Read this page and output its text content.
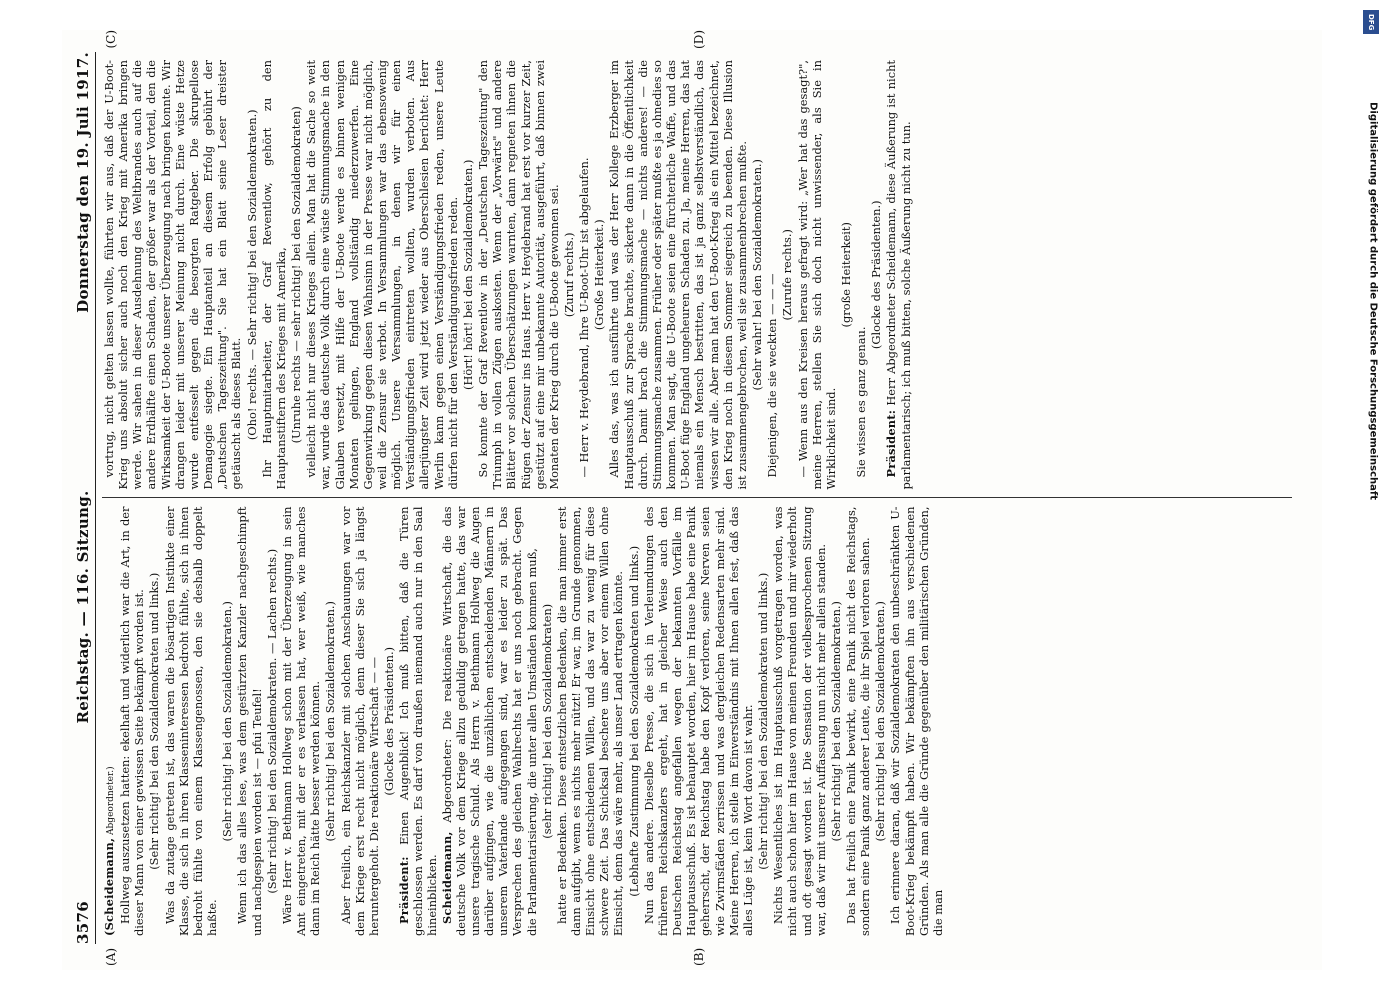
3576
Reichstag. — 116. Sitzung.
Donnerstag den 19. Juli 1917.

(Scheidemann, Abgeordneter.) Hollweg auszusetzen hatten: ekelhaft und widerlich war die Art, in der dieser Mann von einer gewissen Seite bekämpft worden ist. (Sehr richtig! bei den Sozialdemokraten und links.) Was da zutage getreten ist, das waren die bösartigen Instinkte einer Klasse, die sich in ihren Klasseninteressen bedroht fühlte, sich in ihnen bedroht fühlte von einem Klassengenossen, den sie deshalb doppelt haßte.

(Sehr richtig! bei den Sozialdemokraten.) Wenn ich das alles lese, was dem gestürzten Kanzler nachgeschimpft und nachgespien worden ist — pfui Teufel! (Sehr richtig! bei den Sozialdemokraten. — Lachen rechts.) Wäre Herr v. Bethmann Hollweg schon mit der Überzeugung in sein Amt eingetreten, mit der er es verlassen hat, wer weiß, wie manches dann im Reich hätte besser werden können. (Sehr richtig! bei den Sozialdemokraten.) Aber freilich, ein Reichskanzler mit solchen Anschauungen war vor dem Kriege erst recht nicht möglich, denn dieser Sie sich ja längst heruntergeholt. Die reaktionäre Wirtschaft — — (Glocke des Präsidenten.)

Präsident: Einen Augenblick! Ich muß bitten, daß die Türen geschlossen werden. Es darf von draußen niemand auch nur in den Saal hineinblicken. Scheidemann, Abgeordneter: Die reaktionäre Wirtschaft, die das deutsche Volk vor dem Kriege allzu geduldig getragen hatte, das war unsere tragische Schuld. Als Herrn v. Bethmann Hollweg die Augen darüber aufgingen, wie die unzählichen entscheidenden Männern in unserem Vaterlande aufgegangen sind, war es leider zu spät. Das Versprechen des gleichen Wahlrechts hat er uns noch gebracht. Gegen die Parlamentarisierung, die unter allen Umständen kommen muß, (sehr richtig! bei den Sozialdemokraten) hatte er Bedenken. Diese entsetzlichen Bedenken, die man immer erst dann aufgibt, wenn es nichts mehr nützt! Er war, im Grunde genommen, Einsicht ohne entschiedenen Willen, und das war zu wenig für diese schwere Zeit. Das Schicksal beschere uns aber vor einem Willen ohne Einsicht, denn das wäre mehr, als unser Land ertragen könnte. (Lebhafte Zustimmung bei den Sozialdemokraten und links.) Nun das andere. Dieselbe Presse, die sich in Verleumdungen des früheren Reichskanzlers ergeht, hat in gleicher Weise auch den Deutschen Reichstag angefallen wegen der bekannten Vorfälle im Hauptausschuß. Es ist behauptet worden, hier im Hause habe eine Panik geherrscht, der Reichstag habe den Kopf verloren, seine Nerven seien wie Zwirnsfäden zerrissen und was dergleichen Redensarten mehr sind. Meine Herren, ich stelle im Einverständnis mit Ihnen allen fest, daß das alles Lüge ist, kein Wort davon ist wahr. (Sehr richtig! bei den Sozialdemokraten und links.) Nichts Wesentliches ist im Hauptausschuß vorgetragen worden, was nicht auch schon hier im Hause von meinen Freunden und mir wiederholt und oft gesagt worden ist. Die Sensation der vielbesprochenen Sitzung war, daß wir mit unserer Auffassung nun nicht mehr allein standen. (Sehr richtig! bei den Sozialdemokraten.) Das hat freilich eine Panik bewirkt, eine Panik nicht des Reichstags, sondern eine Panik ganz anderer Leute, die ihr Spiel verloren sahen. (Sehr richtig! bei den Sozialdemokraten.) Ich erinnere daran, daß wir Sozialdemokraten den unbeschränkten U-Boot-Krieg bekämpft haben. Wir bekämpften ihn aus verschiedenen Gründen. Als man alle die Gründe gegenüber den militärischen Gründen, die man

vortrug, nicht gelten lassen wollte, führten wir aus, daß der U-Boot-Krieg uns absolut sicher auch noch den Krieg mit Amerika bringen werde. Wir sahen in dieser Ausdehnung des Weltbrandes auch auf die andere Erdhälfte einen Schaden, der größer war als der Vorteil, den die Wirksamkeit der U-Boote unserer Überzeugung nach bringen konnte. Wir drangen leider mit unserer Meinung nicht durch. Eine wüste Hetze wurde entfesselt gegen die besorgten Ratgeber. Die skrupellose Demagogie siegte. Ein Hauptanteil an diesem Erfolg gebührt der „Deutschen Tageszeitung". Sie hat ein Blatt seine Leser dreister getäuscht als dieses Blatt. (Oho! rechts. — Sehr richtig! bei den Sozialdemokraten.) Ihr Hauptmitarbeiter, der Graf Reventlow, gehört zu den Hauptanstiftern des Krieges mit Amerika, (Unruhe rechts — sehr richtig! bei den Sozialdemokraten) vielleicht nicht nur dieses Krieges allein. Man hat die Sache so weit war, wurde das deutsche Volk durch eine wüste Stimmungsmache in den Glauben versetzt, mit Hilfe der U-Boote werde es binnen wenigen Monaten gelingen, England vollständig niederzuwerfen. Eine Gegenwirkung gegen diesen Wahnsinn in der Presse war nicht möglich, weil die Zensur sie verbot. In Versammlungen war das ebensowenig möglich. Unsere Versammlungen, in denen wir für einen Verständigungsfrieden eintreten wollten, wurden verboten. Aus allerjüngster Zeit wird jetzt wieder aus Oberschlesien berichtet: Herr Werlin kann gegen einen Verständigungsfrieden reden, unsere Leute dürfen nicht für den Verständigungsfrieden reden. (Hört! hört! bei den Sozialdemokraten.) So konnte der Graf Reventlow in der „Deutschen Tageszeitung" den Triumph in vollen Zügen auskosten. Wenn der „Vorwärts" und andere Blätter vor solchen Überschätzungen warnten, dann regneten ihnen die Rügen der Zensur ins Haus. Herr v. Heydebrand hat erst vor kurzer Zeit, gestützt auf eine mir unbekannte Autorität, ausgeführt, daß binnen zwei Monaten der Krieg durch die U-Boote gewonnen sei. (Zuruf rechts.) — Herr v. Heydebrand, Ihre U-Boot-Uhr ist abgelaufen. (Große Heiterkeit.) Alles das, was ich ausführte und was der Herr Kollege Erzberger im Hauptausschuß zur Sprache brachte, sickerte dann in die Öffentlichkeit durch. Damit brach die Stimmungsmache — nichts anderes! — die Stimmungsmache zusammen. Früher oder später mußte es ja ohnedies so kommen. Man sagt, die U-Boote seien eine fürchterliche Waffe, und das U-Boot füge England ungeheuren Schaden zu. Ja, meine Herren, das hat niemals ein Mensch bestritten, das ist ja ganz selbstverständlich, das wissen wir alle. Aber man hat den U-Boot-Krieg als ein Mittel bezeichnet, den Krieg noch in diesem Sommer siegreich zu beenden. Diese Illusion ist zusammengebrochen, weil sie zusammenbrechen mußte. (Sehr wahr! bei den Sozialdemokraten.) Diejenigen, die sie weckten — — — (Zurufe rechts.) — Wenn aus den Kreisen heraus gefragt wird: „Wer hat das gesagt?", meine Herren, stellen Sie sich doch nicht unwissender, als Sie in Wirklichkeit sind.

(große Heiterkeit)

Sie wissen es ganz genau.

(Glocke des Präsidenten.)

Präsident: Herr Abgeordneter Scheidemann, diese Äußerung ist nicht parlamentarisch; ich muß bitten, solche Äußerung nicht zu tun.

(A)	(B)
(C)	(D)
Digitalisierung gefördert durch die Deutsche Forschungsgemeinschaft
DFG
